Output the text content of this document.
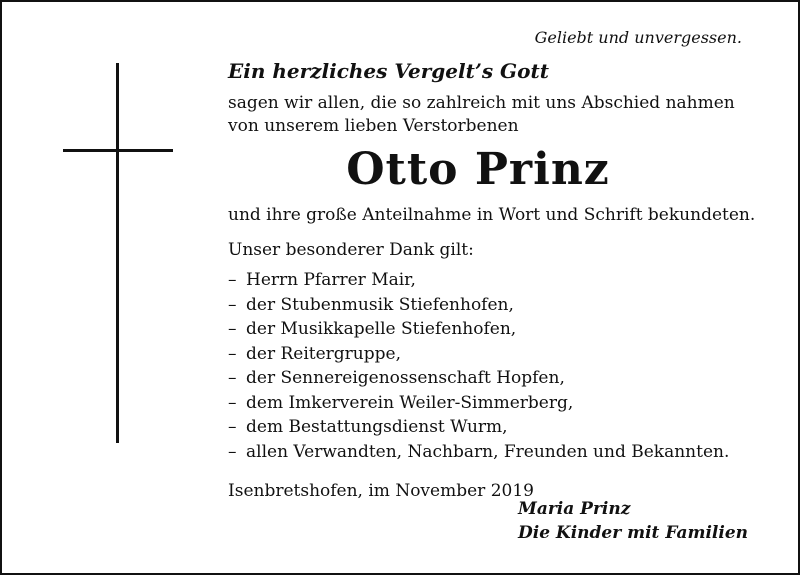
Geliebt und unvergessen.

Ein herzliches Vergelt’s Gott

sagen wir allen, die so zahlreich mit uns Abschied nahmen

von unserem lieben Verstorbenen

Otto Prinz

und ihre große Anteilnahme in Wort und Schrift bekundeten.

Unser besonderer Dank gilt:

– Herrn Pfarrer Mair,
– der Stubenmusik Stiefenhofen,
– der Musikkapelle Stiefenhofen,
– der Reitergruppe,
– der Sennereigenossenschaft Hopfen,
– dem Imkerverein Weiler-Simmerberg,
– dem Bestattungsdienst Wurm,
– allen Verwandten, Nachbarn, Freunden und Bekannten.
Isenbretshofen, im November 2019
Maria Prinz
Die Kinder mit Familien
